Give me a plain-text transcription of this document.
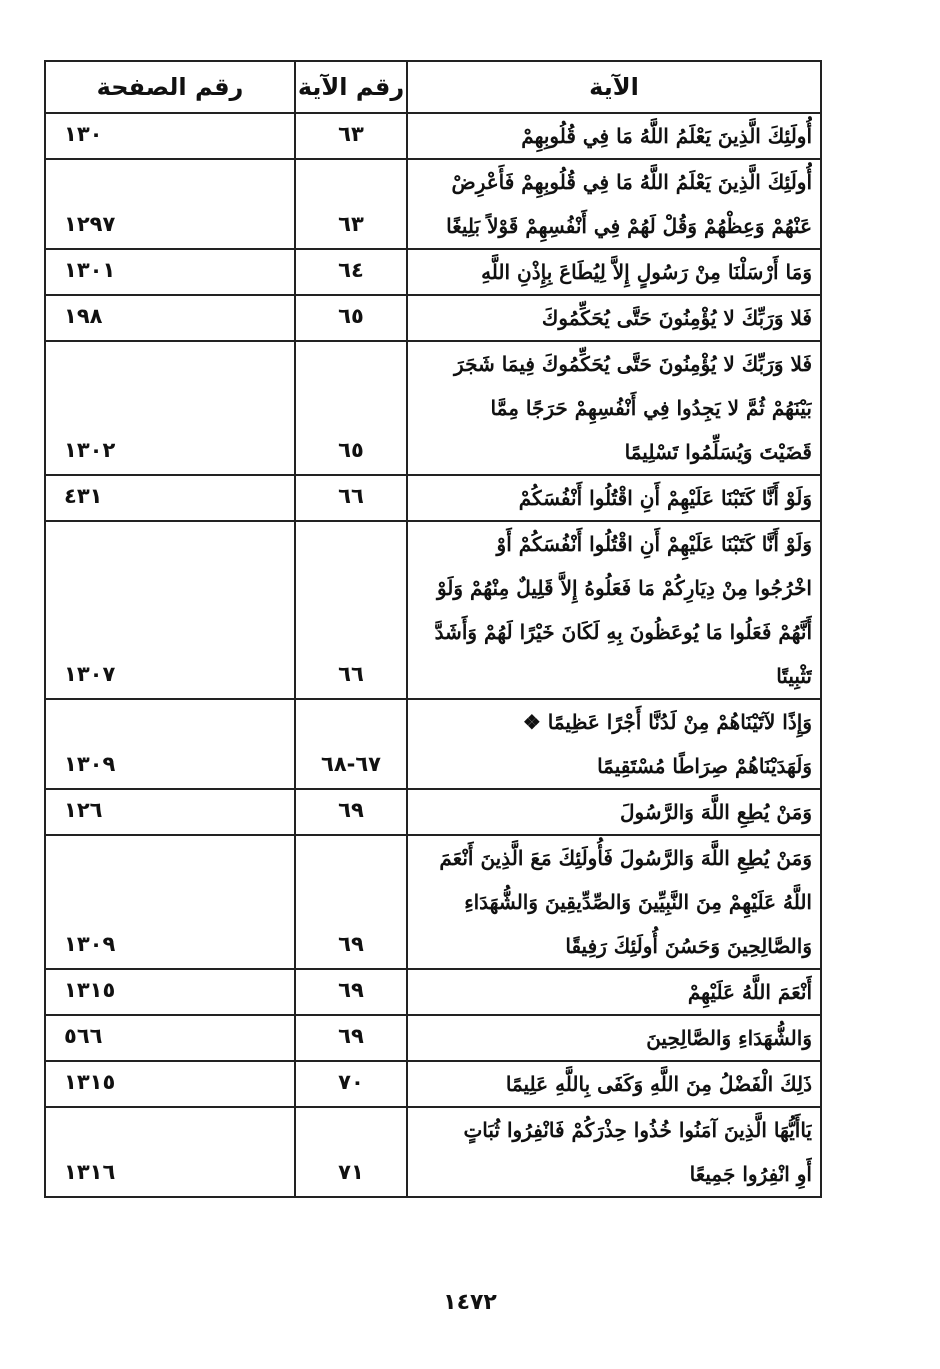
الآية	رقم الآية	رقم الصفحة

أُولَئِكَ الَّذِينَ يَعْلَمُ اللَّهُ مَا فِي قُلُوبِهِمْ	٦٣	١٣٠

أُولَئِكَ الَّذِينَ يَعْلَمُ اللَّهُ مَا فِي قُلُوبِهِمْ فَأَعْرِضْ
عَنْهُمْ وَعِظْهُمْ وَقُلْ لَهُمْ فِي أَنْفُسِهِمْ قَوْلاً بَلِيغًا	٦٣	١٢٩٧

وَمَا أَرْسَلْنَا مِنْ رَسُولٍ إِلاَّ لِيُطَاعَ بِإِذْنِ اللَّهِ	٦٤	١٣٠١

فَلا وَرَبِّكَ لا يُؤْمِنُونَ حَتَّى يُحَكِّمُوكَ	٦٥	١٩٨

فَلا وَرَبِّكَ لا يُؤْمِنُونَ حَتَّى يُحَكِّمُوكَ فِيمَا شَجَرَ
بَيْنَهُمْ ثُمَّ لا يَجِدُوا فِي أَنْفُسِهِمْ حَرَجًا مِمَّا
قَضَيْتَ وَيُسَلِّمُوا تَسْلِيمًا	٦٥	١٣٠٢

وَلَوْ أَنَّا كَتَبْنَا عَلَيْهِمْ أَنِ اقْتُلُوا أَنْفُسَكُمْ	٦٦	٤٣١

وَلَوْ أَنَّا كَتَبْنَا عَلَيْهِمْ أَنِ اقْتُلُوا أَنْفُسَكُمْ أَوْ
اخْرُجُوا مِنْ دِيَارِكُمْ مَا فَعَلُوهُ إِلاَّ قَلِيلٌ مِنْهُمْ وَلَوْ
أَنَّهُمْ فَعَلُوا مَا يُوعَظُونَ بِهِ لَكَانَ خَيْرًا لَهُمْ وَأَشَدَّ
تَثْبِيتًا	٦٦	١٣٠٧

وَإِذًا لآتَيْنَاهُمْ مِنْ لَدُنَّا أَجْرًا عَظِيمًا ❖
وَلَهَدَيْنَاهُمْ صِرَاطًا مُسْتَقِيمًا	٦٧-٦٨	١٣٠٩

وَمَنْ يُطِعِ اللَّهَ وَالرَّسُولَ	٦٩	١٢٦

وَمَنْ يُطِعِ اللَّهَ وَالرَّسُولَ فَأُولَئِكَ مَعَ الَّذِينَ أَنْعَمَ
اللَّهُ عَلَيْهِمْ مِنَ النَّبِيِّينَ وَالصِّدِّيقِينَ وَالشُّهَدَاءِ
وَالصَّالِحِينَ وَحَسُنَ أُولَئِكَ رَفِيقًا	٦٩	١٣٠٩

أَنْعَمَ اللَّهُ عَلَيْهِمْ	٦٩	١٣١٥

وَالشُّهَدَاءِ وَالصَّالِحِينَ	٦٩	٥٦٦

ذَلِكَ الْفَضْلُ مِنَ اللَّهِ وَكَفَى بِاللَّهِ عَلِيمًا	٧٠	١٣١٥

يَاأَيُّهَا الَّذِينَ آمَنُوا خُذُوا حِذْرَكُمْ فَانْفِرُوا ثُبَاتٍ
أَوِ انْفِرُوا جَمِيعًا	٧١	١٣١٦
١٤٧٢
